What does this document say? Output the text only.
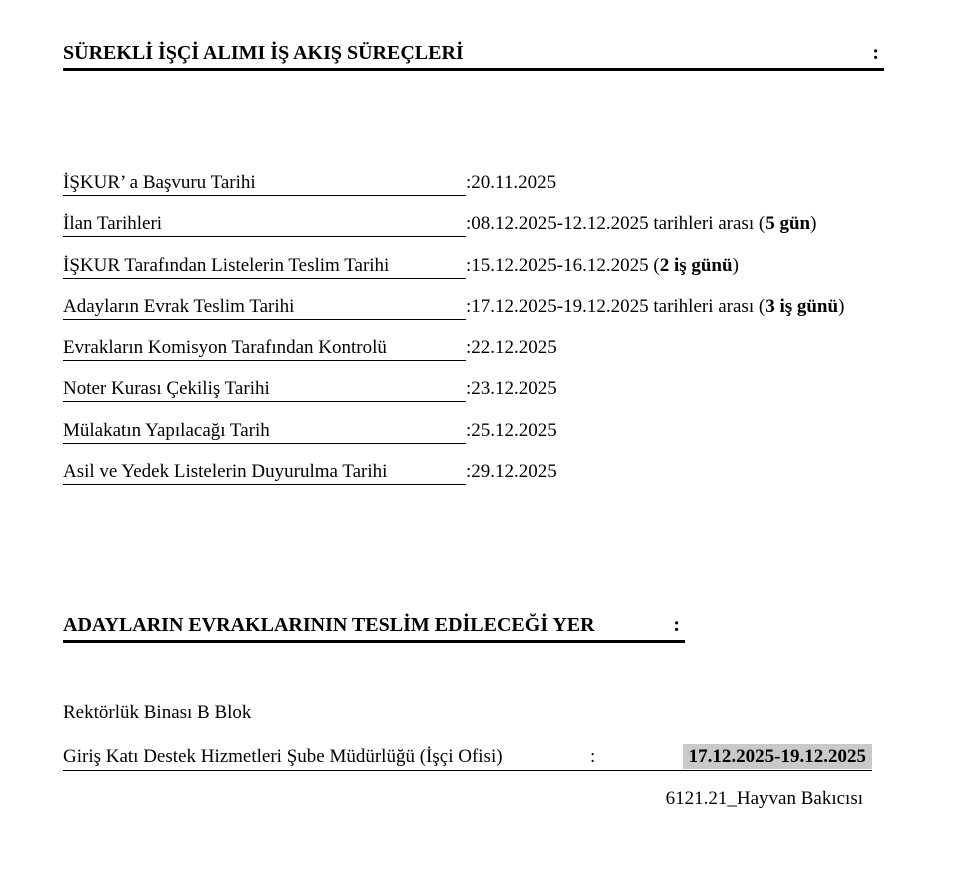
SÜREKLİ İŞÇİ ALIMI İŞ AKIŞ SÜREÇLERİ	:
İŞKUR’ a Başvuru Tarihi	:20.11.2025
İlan Tarihleri	:08.12.2025-12.12.2025 tarihleri arası (5 gün)
İŞKUR Tarafından Listelerin Teslim Tarihi	:15.12.2025-16.12.2025 (2 iş günü)
Adayların Evrak Teslim Tarihi	:17.12.2025-19.12.2025 tarihleri arası (3 iş günü)
Evrakların Komisyon Tarafından Kontrolü	:22.12.2025
Noter Kurası Çekiliş Tarihi	:23.12.2025
Mülakatın Yapılacağı Tarih	:25.12.2025
Asil ve Yedek Listelerin Duyurulma Tarihi	:29.12.2025
ADAYLARIN EVRAKLARININ TESLİM EDİLECEĞİ YER	:
Rektörlük Binası B Blok
Giriş Katı Destek Hizmetleri Şube Müdürlüğü (İşçi Ofisi)	:	17.12.2025-19.12.2025
6121.21_Hayvan Bakıcısı
